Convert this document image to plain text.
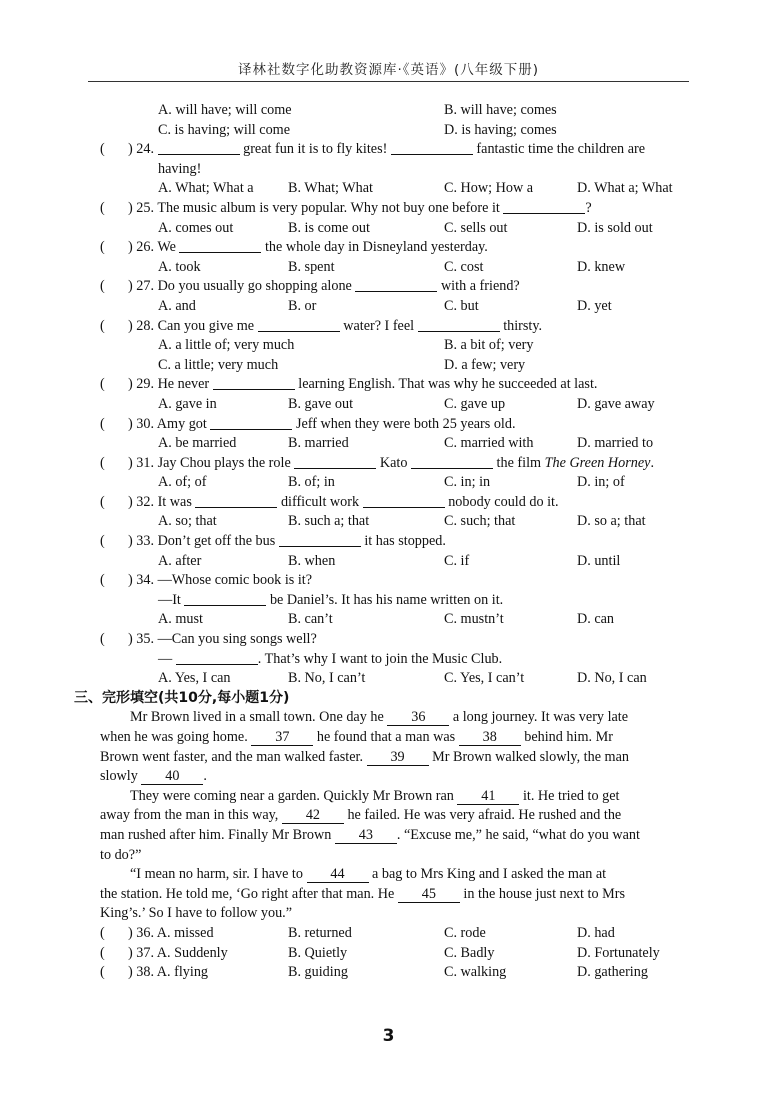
译林社数字化助教资源库·《英语》(八年级下册)
A. will have; will come	B. will have; comes
C. is having; will come	D. is having; comes
( ) 24.	great fun it is to fly kites!	fantastic time the children are
having!
A. What; What a B. What; What	C. How; How a	D. What a; What
( ) 25. The music album is very popular. Why not buy one before it	?
A. comes out	B. is come out	C. sells out	D. is sold out
( ) 26. We	the whole day in Disneyland yesterday.
A. took	B. spent	C. cost	D. knew
( ) 27. Do you usually go shopping alone	with a friend?
A. and	B. or	C. but	D. yet
( ) 28. Can you give me	water? I feel	thirsty.
A. a little of; very much	B. a bit of; very
C. a little; very much	D. a few; very
( ) 29. He never	learning English. That was why he succeeded at last.
A. gave in	B. gave out	C. gave up	D. gave away
( ) 30. Amy got	Jeff when they were both 25 years old.
A. be married	B. married	C. married with	D. married to
( ) 31. Jay Chou plays the role	Kato	the film The Green Horney.
A. of; of	B. of; in	C. in; in	D. in; of
( ) 32. It was	difficult work	nobody could do it.
A. so; that	B. such a; that	C. such; that	D. so a; that
( ) 33. Don’t get off the bus	it has stopped.
A. after	B. when	C. if	D. until
( ) 34. —Whose comic book is it?
—It	be Daniel’s. It has his name written on it.
A. must	B. can’t	C. mustn’t	D. can
( ) 35. —Can you sing songs well?
—	. That’s why I want to join the Music Club.
A. Yes, I can	B. No, I can’t	C. Yes, I can’t	D. No, I can
三、完形填空(共10分,每小题1分)
Mr Brown lived in a small town. One day he 36 a long journey. It was very late
when he was going home. 37 he found that a man was 38 behind him. Mr
Brown went faster, and the man walked faster. 39 Mr Brown walked slowly, the man
slowly 40 .
They were coming near a garden. Quickly Mr Brown ran 41 it. He tried to get
away from the man in this way, 42 he failed. He was very afraid. He rushed and the
man rushed after him. Finally Mr Brown 43 . “Excuse me,” he said, “what do you want
to do?”
“I mean no harm, sir. I have to 44 a bag to Mrs King and I asked the man at
the station. He told me, ‘Go right after that man. He 45 in the house just next to Mrs
King’s.’ So I have to follow you.”
( ) 36. A. missed	B. returned	C. rode	D. had
( ) 37. A. Suddenly	B. Quietly	C. Badly	D. Fortunately
( ) 38. A. flying	B. guiding	C. walking	D. gathering
3
